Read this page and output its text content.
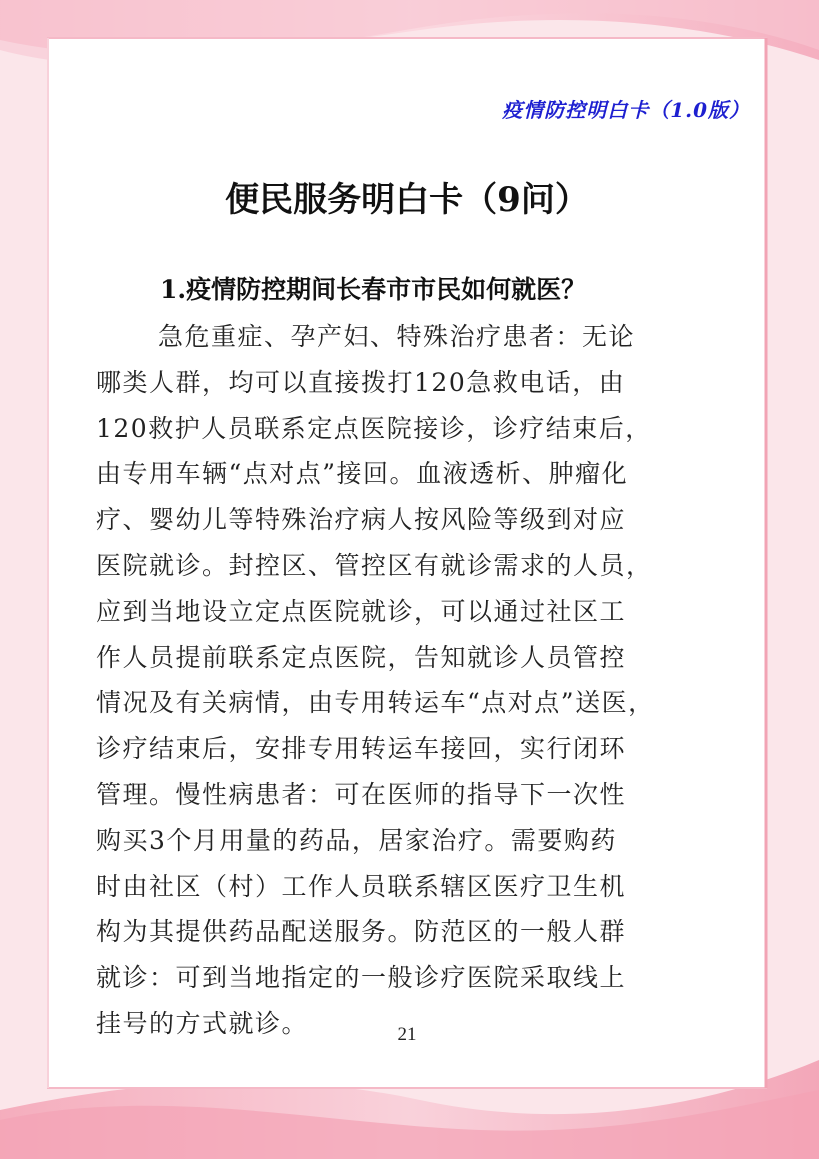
疫情防控明白卡（1.0版）
便民服务明白卡（9问）
1.疫情防控期间长春市市民如何就医？
急危重症、孕产妇、特殊治疗患者：无论
哪类人群，均可以直接拨打120急救电话，由
120救护人员联系定点医院接诊，诊疗结束后，
由专用车辆“点对点”接回。血液透析、肿瘤化
疗、婴幼儿等特殊治疗病人按风险等级到对应
医院就诊。封控区、管控区有就诊需求的人员，
应到当地设立定点医院就诊，可以通过社区工
作人员提前联系定点医院，告知就诊人员管控
情况及有关病情，由专用转运车“点对点”送医，
诊疗结束后，安排专用转运车接回，实行闭环
管理。慢性病患者：可在医师的指导下一次性
购买3个月用量的药品，居家治疗。需要购药
时由社区（村）工作人员联系辖区医疗卫生机
构为其提供药品配送服务。防范区的一般人群
就诊：可到当地指定的一般诊疗医院采取线上
挂号的方式就诊。	21
